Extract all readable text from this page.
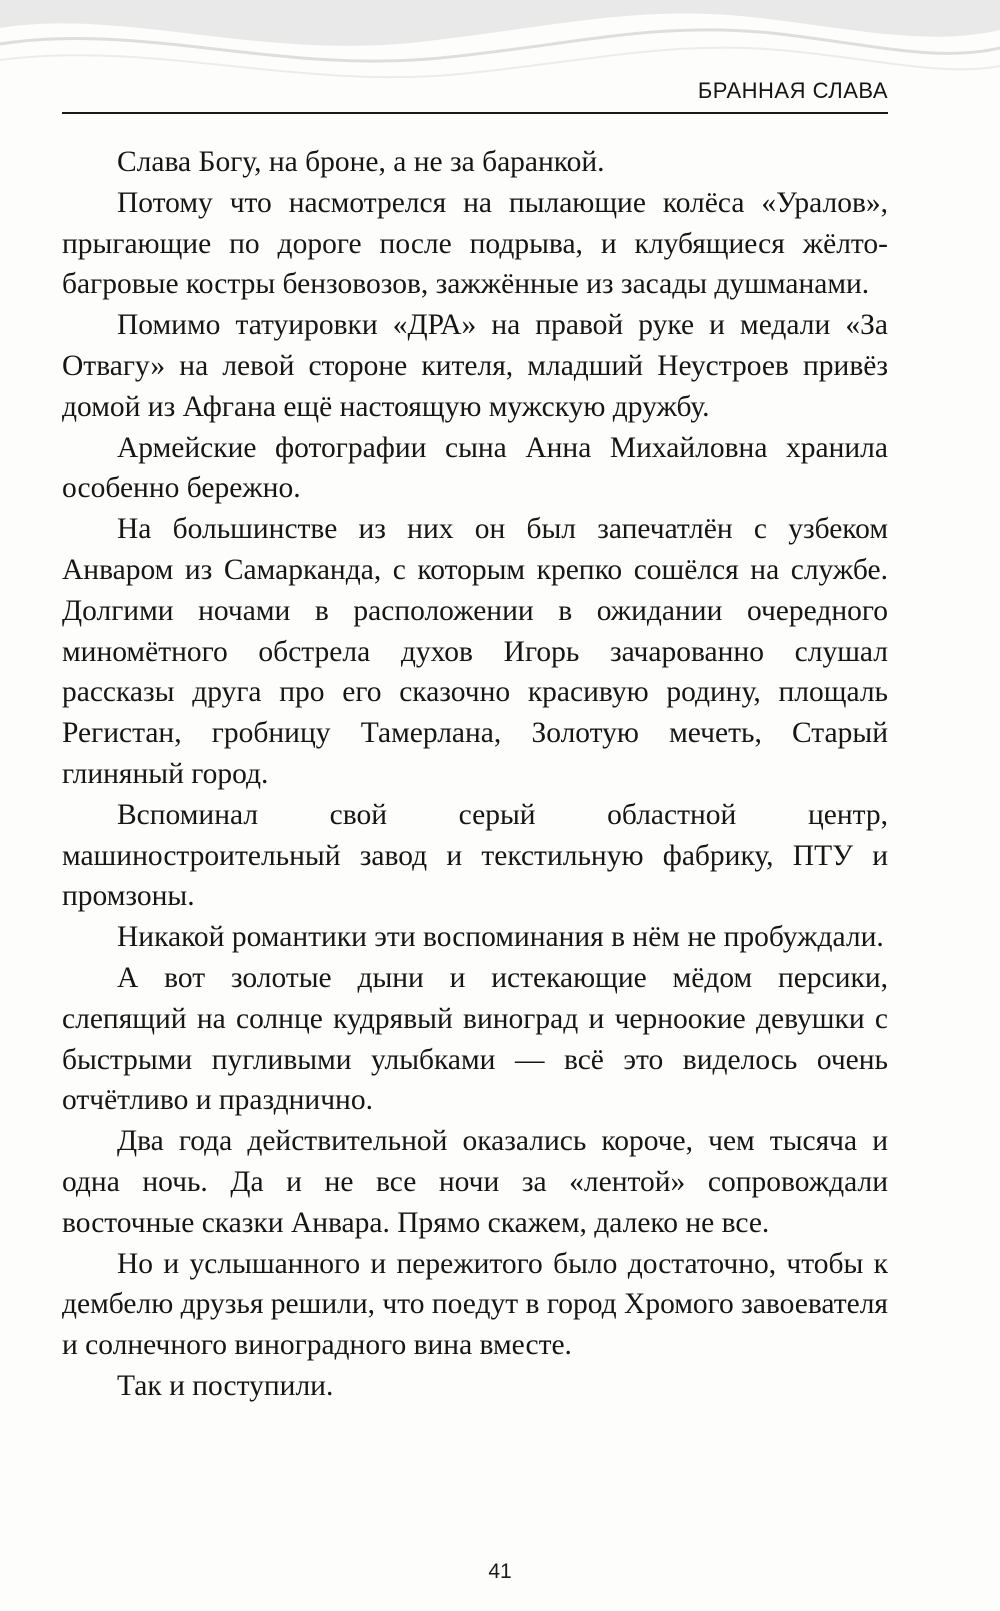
БРАННАЯ СЛАВА

Слава Богу, на броне, а не за баранкой.

Потому что насмотрелся на пылающие колёса «Уралов», прыгающие по дороге после подрыва, и клубящиеся жёлто-багровые костры бензовозов, зажжённые из засады душманами.

Помимо татуировки «ДРА» на правой руке и медали «За Отвагу» на левой стороне кителя, младший Неустроев привёз домой из Афгана ещё настоящую мужскую дружбу.

Армейские фотографии сына Анна Михайловна хранила особенно бережно.

На большинстве из них он был запечатлён с узбеком Анваром из Самарканда, с которым крепко сошёлся на службе. Долгими ночами в расположении в ожидании очередного миномётного обстрела духов Игорь зачарованно слушал рассказы друга про его сказочно красивую родину, площаль Регистан, гробницу Тамерлана, Золотую мечеть, Старый глиняный город.

Вспоминал свой серый областной центр, машиностроительный завод и текстильную фабрику, ПТУ и промзоны.

Никакой романтики эти воспоминания в нём не пробуждали.

А вот золотые дыни и истекающие мёдом персики, слепящий на солнце кудрявый виноград и черноокие девушки с быстрыми пугливыми улыбками — всё это виделось очень отчётливо и празднично.

Два года действительной оказались короче, чем тысяча и одна ночь. Да и не все ночи за «лентой» сопровождали восточные сказки Анвара. Прямо скажем, далеко не все.

Но и услышанного и пережитого было достаточно, чтобы к дембелю друзья решили, что поедут в город Хромого завоевателя и солнечного виноградного вина вместе.

Так и поступили.

41
